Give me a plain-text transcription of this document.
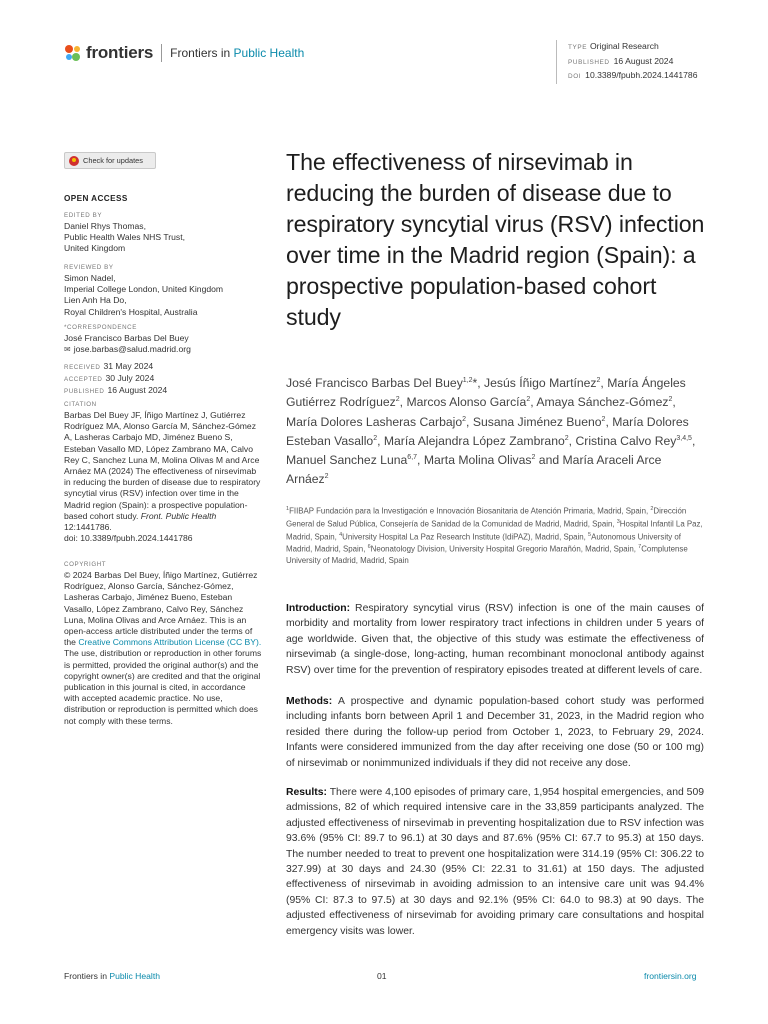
frontiers Frontiers in Public Health	TYPE Original Research
PUBLISHED 16 August 2024
DOI 10.3389/fpubh.2024.1441786
Check for updates
OPEN ACCESS
EDITED BY
Daniel Rhys Thomas,
Public Health Wales NHS Trust,
United Kingdom
REVIEWED BY
Simon Nadel,
Imperial College London, United Kingdom
Lien Anh Ha Do,
Royal Children's Hospital, Australia
*CORRESPONDENCE
José Francisco Barbas Del Buey
✉ jose.barbas@salud.madrid.org
RECEIVED 31 May 2024
ACCEPTED 30 July 2024
PUBLISHED 16 August 2024
CITATION
Barbas Del Buey JF, Íñigo Martínez J, Gutiérrez Rodríguez MA, Alonso García M, Sánchez-Gómez A, Lasheras Carbajo MD, Jiménez Bueno S, Esteban Vasallo MD, López Zambrano MA, Calvo Rey C, Sanchez Luna M, Molina Olivas M and Arce Arnáez MA (2024) The effectiveness of nirsevimab in reducing the burden of disease due to respiratory syncytial virus (RSV) infection over time in the Madrid region (Spain): a prospective population-based cohort study. Front. Public Health 12:1441786.
doi: 10.3389/fpubh.2024.1441786
COPYRIGHT
© 2024 Barbas Del Buey, Íñigo Martínez, Gutiérrez Rodríguez, Alonso García, Sánchez-Gómez, Lasheras Carbajo, Jiménez Bueno, Esteban Vasallo, López Zambrano, Calvo Rey, Sánchez Luna, Molina Olivas and Arce Arnáez. This is an open-access article distributed under the terms of the Creative Commons Attribution License (CC BY). The use, distribution or reproduction in other forums is permitted, provided the original author(s) and the copyright owner(s) are credited and that the original publication in this journal is cited, in accordance with accepted academic practice. No use, distribution or reproduction is permitted which does not comply with these terms.
The effectiveness of nirsevimab in reducing the burden of disease due to respiratory syncytial virus (RSV) infection over time in the Madrid region (Spain): a prospective population-based cohort study
José Francisco Barbas Del Buey$^{1,2}$*, Jesús Íñigo Martínez$^2$, María Ángeles Gutiérrez Rodríguez$^2$, Marcos Alonso García$^2$, Amaya Sánchez-Gómez$^2$, María Dolores Lasheras Carbajo$^2$, Susana Jiménez Bueno$^2$, María Dolores Esteban Vasallo$^2$, María Alejandra López Zambrano$^2$, Cristina Calvo Rey$^{3,4,5}$, Manuel Sanchez Luna$^{6,7}$, Marta Molina Olivas$^2$ and María Araceli Arce Arnáez$^2$
$^1$FIIBAP Fundación para la Investigación e Innovación Biosanitaria de Atención Primaria, Madrid, Spain, $^2$Dirección General de Salud Pública, Consejería de Sanidad de la Comunidad de Madrid, Madrid, Spain, $^3$Hospital Infantil La Paz, Madrid, Spain, $^4$University Hospital La Paz Research Institute (IdiPAZ), Madrid, Spain, $^5$Autonomous University of Madrid, Madrid, Spain, $^6$Neonatology Division, University Hospital Gregorio Marañón, Madrid, Spain, $^7$Complutense University of Madrid, Madrid, Spain
Introduction: Respiratory syncytial virus (RSV) infection is one of the main causes of morbidity and mortality from lower respiratory tract infections in children under 5 years of age worldwide. Given that, the objective of this study was estimate the effectiveness of nirsevimab (a single-dose, long-acting, human recombinant monoclonal antibody against RSV) over time for the prevention of respiratory episodes treated at different levels of care.
Methods: A prospective and dynamic population-based cohort study was performed including infants born between April 1 and December 31, 2023, in the Madrid region who resided there during the follow-up period from October 1, 2023, to February 29, 2024. Infants were considered immunized from the day after receiving one dose (50 or 100 mg) of nirsevimab or nonimmunized individuals if they did not receive any dose.
Results: There were 4,100 episodes of primary care, 1,954 hospital emergencies, and 509 admissions, 82 of which required intensive care in the 33,859 participants analyzed. The adjusted effectiveness of nirsevimab in preventing hospitalization due to RSV infection was 93.6% (95% CI: 89.7 to 96.1) at 30 days and 87.6% (95% CI: 67.7 to 95.3) at 150 days. The number needed to treat to prevent one hospitalization were 314.19 (95% CI: 306.22 to 327.99) at 30 days and 24.30 (95% CI: 22.31 to 31.61) at 150 days. The adjusted effectiveness of nirsevimab in avoiding admission to an intensive care unit was 94.4% (95% CI: 87.3 to 97.5) at 30 days and 92.1% (95% CI: 64.0 to 98.3) at 90 days. The adjusted effectiveness of nirsevimab for avoiding primary care consultations and hospital emergency visits was lower.
Frontiers in Public Health	01	frontiersin.org
